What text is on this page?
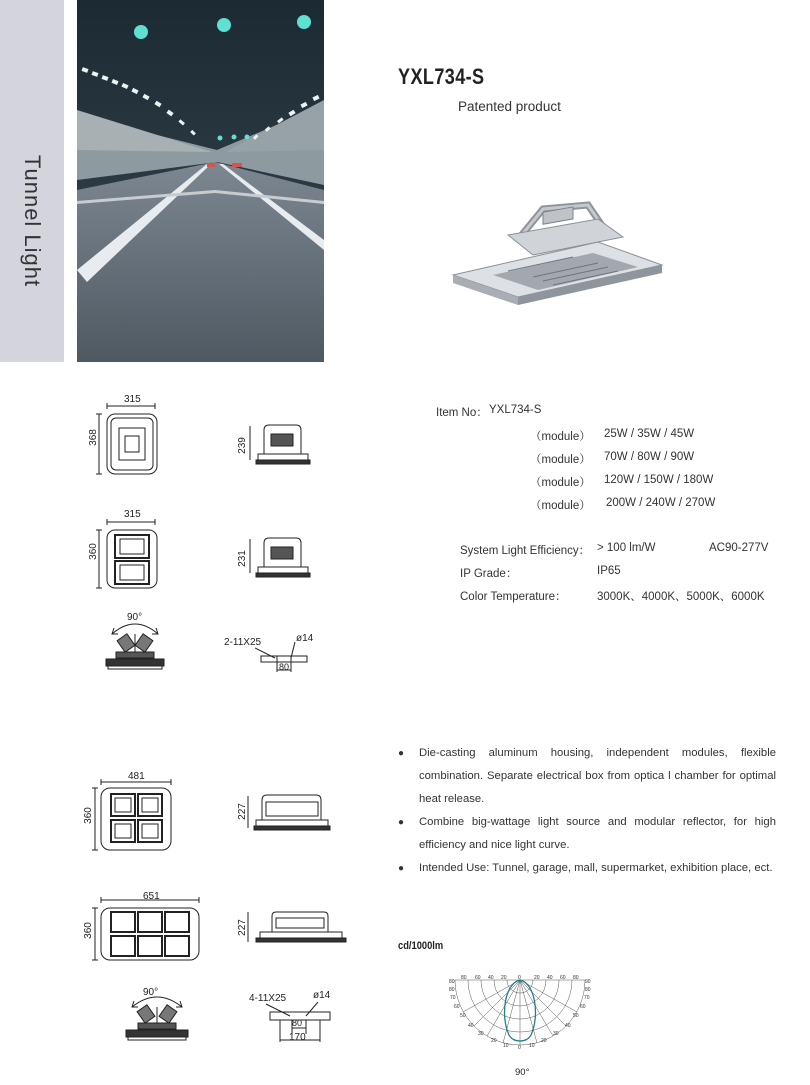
Tunnel Light
YXL734-S
Patented product
315
368	239
315
360	231
90°
2-11X25	ø14
80
481
360	227
651
360	227
90°
4-11X25	ø14
80
170
Item No： YXL734-S
（module） 25W / 35W / 45W
（module） 70W / 80W / 90W
（module） 120W / 150W / 180W
（module） 200W / 240W / 270W
System Light Efficiency： > 100 lm/W	AC90-277V
IP Grade：	IP65
Color Temperature：	3000K、4000K、5000K、6000K
● Die-casting aluminum housing, independent modules, flexible combination. Separate electrical box from optica l chamber for optimal heat release.
● Combine big-wattage light source and modular reflector, for high efficiency and nice light curve.
● Intended Use: Tunnel, garage, mall, supermarket, exhibition place, ect.
cd/1000lm
80
80
70
60
50
40
30
20
10 0
90
80
70
60
50
40
30
20
10
80 60 40 20 0	20 40 60 80
90°
